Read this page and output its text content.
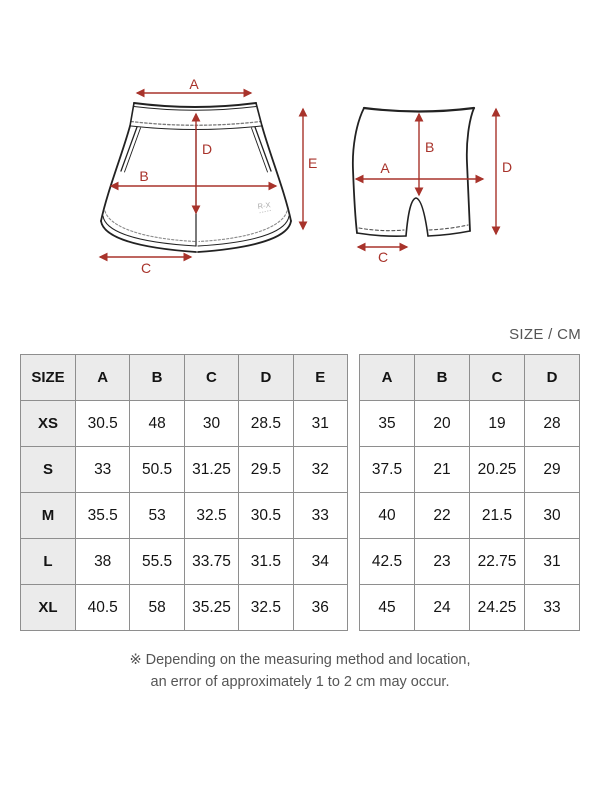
R-X
A
B
C
D
E	A
B
C
D
SIZE / CM
SIZE	A	B	C	D	E
XS	30.5	48	30	28.5	31
S	33	50.5	31.25	29.5	32
M	35.5	53	32.5	30.5	33
L	38	55.5	33.75	31.5	34
XL	40.5	58	35.25	32.5	36
A	B	C	D
35	20	19	28
37.5	21	20.25	29
40	22	21.5	30
42.5	23	22.75	31
45	24	24.25	33
※ Depending on the measuring method and location,
an error of approximately 1 to 2 cm may occur.
